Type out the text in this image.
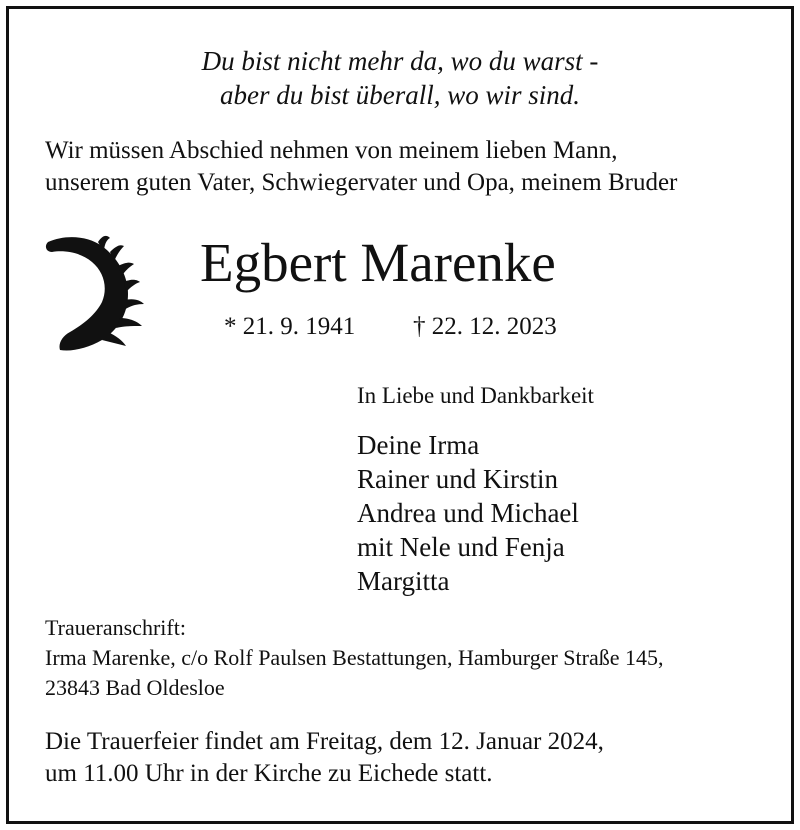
Du bist nicht mehr da, wo du warst -
aber du bist überall, wo wir sind.
Wir müssen Abschied nehmen von meinem lieben Mann,
unserem guten Vater, Schwiegervater und Opa, meinem Bruder
Egbert Marenke
* 21. 9. 1941 † 22. 12. 2023
In Liebe und Dankbarkeit
Deine Irma
Rainer und Kirstin
Andrea und Michael
mit Nele und Fenja
Margitta
Traueranschrift:
Irma Marenke, c/o Rolf Paulsen Bestattungen, Hamburger Straße 145,
23843 Bad Oldesloe
Die Trauerfeier findet am Freitag, dem 12. Januar 2024,
um 11.00 Uhr in der Kirche zu Eichede statt.
